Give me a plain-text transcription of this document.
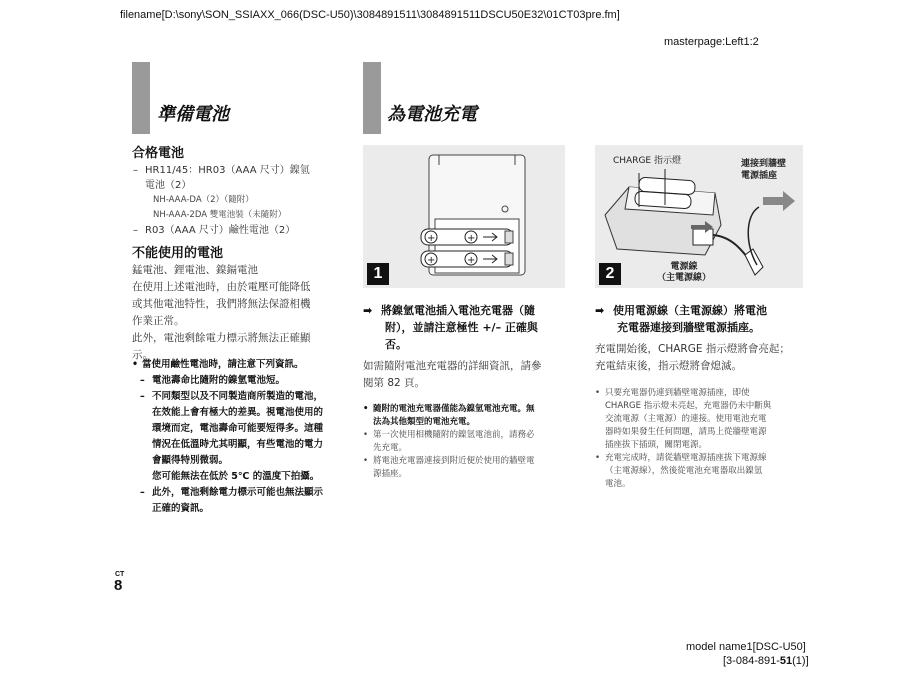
filename[D:\sony\SON_SSIAXX_066(DSC-U50)\3084891511\3084891511DSCU50E32\01CT03pre.fm]
masterpage:Left1:2
準備電池	為電池充電
合格電池
– HR11/45：HR03（AAA 尺寸）鎳氫
電池（2）
NH-AAA-DA（2）（隨附）
NH-AAA-2DA 雙電池裝（未隨附）
– R03（AAA 尺寸）鹼性電池（2）
不能使用的電池
錳電池、鋰電池、鎳鎘電池
在使用上述電池時，由於電壓可能降低
或其他電池特性，我們將無法保證相機
作業正常。
此外，電池剩餘電力標示將無法正確顯
示。
• 當使用鹼性電池時，請注意下列資訊。
– 電池壽命比隨附的鎳氫電池短。
– 不同類型以及不同製造商所製造的電池，
在效能上會有極大的差異。視電池使用的
環境而定，電池壽命可能要短得多。這種
情況在低溫時尤其明顯，有些電池的電力
會顯得特別微弱。
您可能無法在低於 5℃ 的溫度下拍攝。
– 此外，電池剩餘電力標示可能也無法顯示
正確的資訊。
+
+
+
+
1
CHARGE 指示燈	連接到牆壁
電源插座
電源線
（主電源線）
2
➡ 將鎳氫電池插入電池充電器（隨
附），並請注意極性 +/– 正確與
否。
如需隨附電池充電器的詳細資訊，請參
閱第 82 頁。
• 隨附的電池充電器僅能為鎳氫電池充電。無
法為其他類型的電池充電。
• 第一次使用相機隨附的鎳氫電池前，請務必
先充電。
• 將電池充電器連接到附近便於使用的牆壁電
源插座。
➡ 使用電源線（主電源線）將電池
充電器連接到牆壁電源插座。
充電開始後，CHARGE 指示燈將會亮起；
充電結束後，指示燈將會熄滅。
• 只要充電器仍連到牆壁電源插座，即使
CHARGE 指示燈未亮起，充電器仍未中斷與
交流電源（主電源）的連接。使用電池充電
器時如果發生任何問題，請馬上從牆壁電源
插座拔下插頭，關閉電源。
• 充電完成時，請從牆壁電源插座拔下電源線
（主電源線），然後從電池充電器取出鎳氫
電池。
CT
8
model name1[DSC-U50]
[3-084-891-51(1)]
